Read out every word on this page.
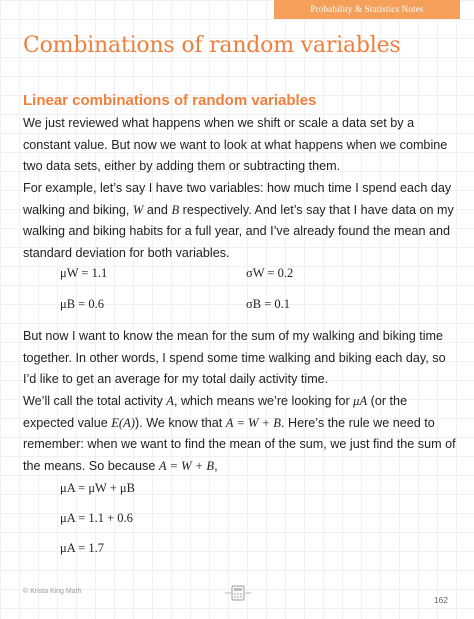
Probability & Statistics Notes
Combinations of random variables
Linear combinations of random variables

We just reviewed what happens when we shift or scale a data set by a constant value. But now we want to look at what happens when we combine two data sets, either by adding them or subtracting them.

For example, let’s say I have two variables: how much time I spend each day walking and biking, W and B respectively. And let’s say that I have data on my walking and biking habits for a full year, and I’ve already found the mean and standard deviation for both variables.

μW = 1.1	σW = 0.2
μB = 0.6	σB = 0.1

But now I want to know the mean for the sum of my walking and biking time together. In other words, I spend some time walking and biking each day, so I’d like to get an average for my total daily activity time.

We’ll call the total activity A, which means we’re looking for μA (or the expected value E(A)). We know that A = W + B. Here’s the rule we need to remember: when we want to find the mean of the sum, we just find the sum of the means. So because A = W + B,

μA = μW + μB
μA = 1.1 + 0.6
μA = 1.7
© Krista King Math
162
